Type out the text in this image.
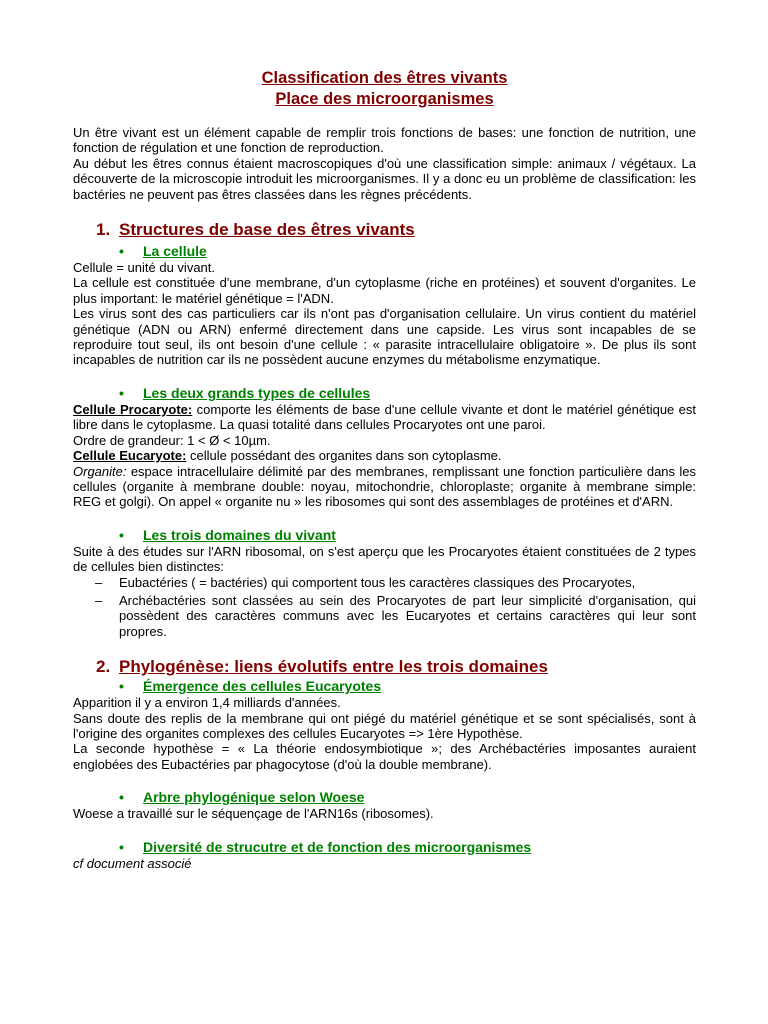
Classification des êtres vivants
Place des microorganismes

Un être vivant est un élément capable de remplir trois fonctions de bases: une fonction de nutrition, une fonction de régulation et une fonction de reproduction.

Au début les êtres connus étaient macroscopiques d'où une classification simple: animaux / végétaux. La découverte de la microscopie introduit les microorganismes. Il y a donc eu un problème de classification: les bactéries ne peuvent pas êtres classées dans les règnes précédents.

1. Structures de base des êtres vivants
• La cellule

Cellule = unité du vivant.

La cellule est constituée d'une membrane, d'un cytoplasme (riche en protéines) et souvent d'organites. Le plus important: le matériel génétique = l'ADN.

Les virus sont des cas particuliers car ils n'ont pas d'organisation cellulaire. Un virus contient du matériel génétique (ADN ou ARN) enfermé directement dans une capside. Les virus sont incapables de se reproduire tout seul, ils ont besoin d'une cellule : « parasite intracellulaire obligatoire ». De plus ils sont incapables de nutrition car ils ne possèdent aucune enzymes du métabolisme enzymatique.

• Les deux grands types de cellules

Cellule Procaryote: comporte les éléments de base d'une cellule vivante et dont le matériel génétique est libre dans le cytoplasme. La quasi totalité dans cellules Procaryotes ont une paroi.

Ordre de grandeur: 1 < Ø < 10µm.

Cellule Eucaryote: cellule possédant des organites dans son cytoplasme.

Organite: espace intracellulaire délimité par des membranes, remplissant une fonction particulière dans les cellules (organite à membrane double: noyau, mitochondrie, chloroplaste; organite à membrane simple: REG et golgi). On appel « organite nu » les ribosomes qui sont des assemblages de protéines et d'ARN.

• Les trois domaines du vivant

Suite à des études sur l'ARN ribosomal, on s'est aperçu que les Procaryotes étaient constituées de 2 types de cellules bien distinctes:

– Eubactéries ( = bactéries) qui comportent tous les caractères classiques des Procaryotes,

– Archébactéries sont classées au sein des Procaryotes de part leur simplicité d'organisation, qui possèdent des caractères communs avec les Eucaryotes et certains caractères qui leur sont propres.

2. Phylogénèse: liens évolutifs entre les trois domaines
• Émergence des cellules Eucaryotes

Apparition il y a environ 1,4 milliards d'années.

Sans doute des replis de la membrane qui ont piégé du matériel génétique et se sont spécialisés, sont à l'origine des organites complexes des cellules Eucaryotes => 1ère Hypothèse.

La seconde hypothèse = « La théorie endosymbiotique »; des Archébactéries imposantes auraient englobées des Eubactéries par phagocytose (d'où la double membrane).

• Arbre phylogénique selon Woese

Woese a travaillé sur le séquençage de l'ARN16s (ribosomes).

• Diversité de strucutre et de fonction des microorganismes

cf document associé
